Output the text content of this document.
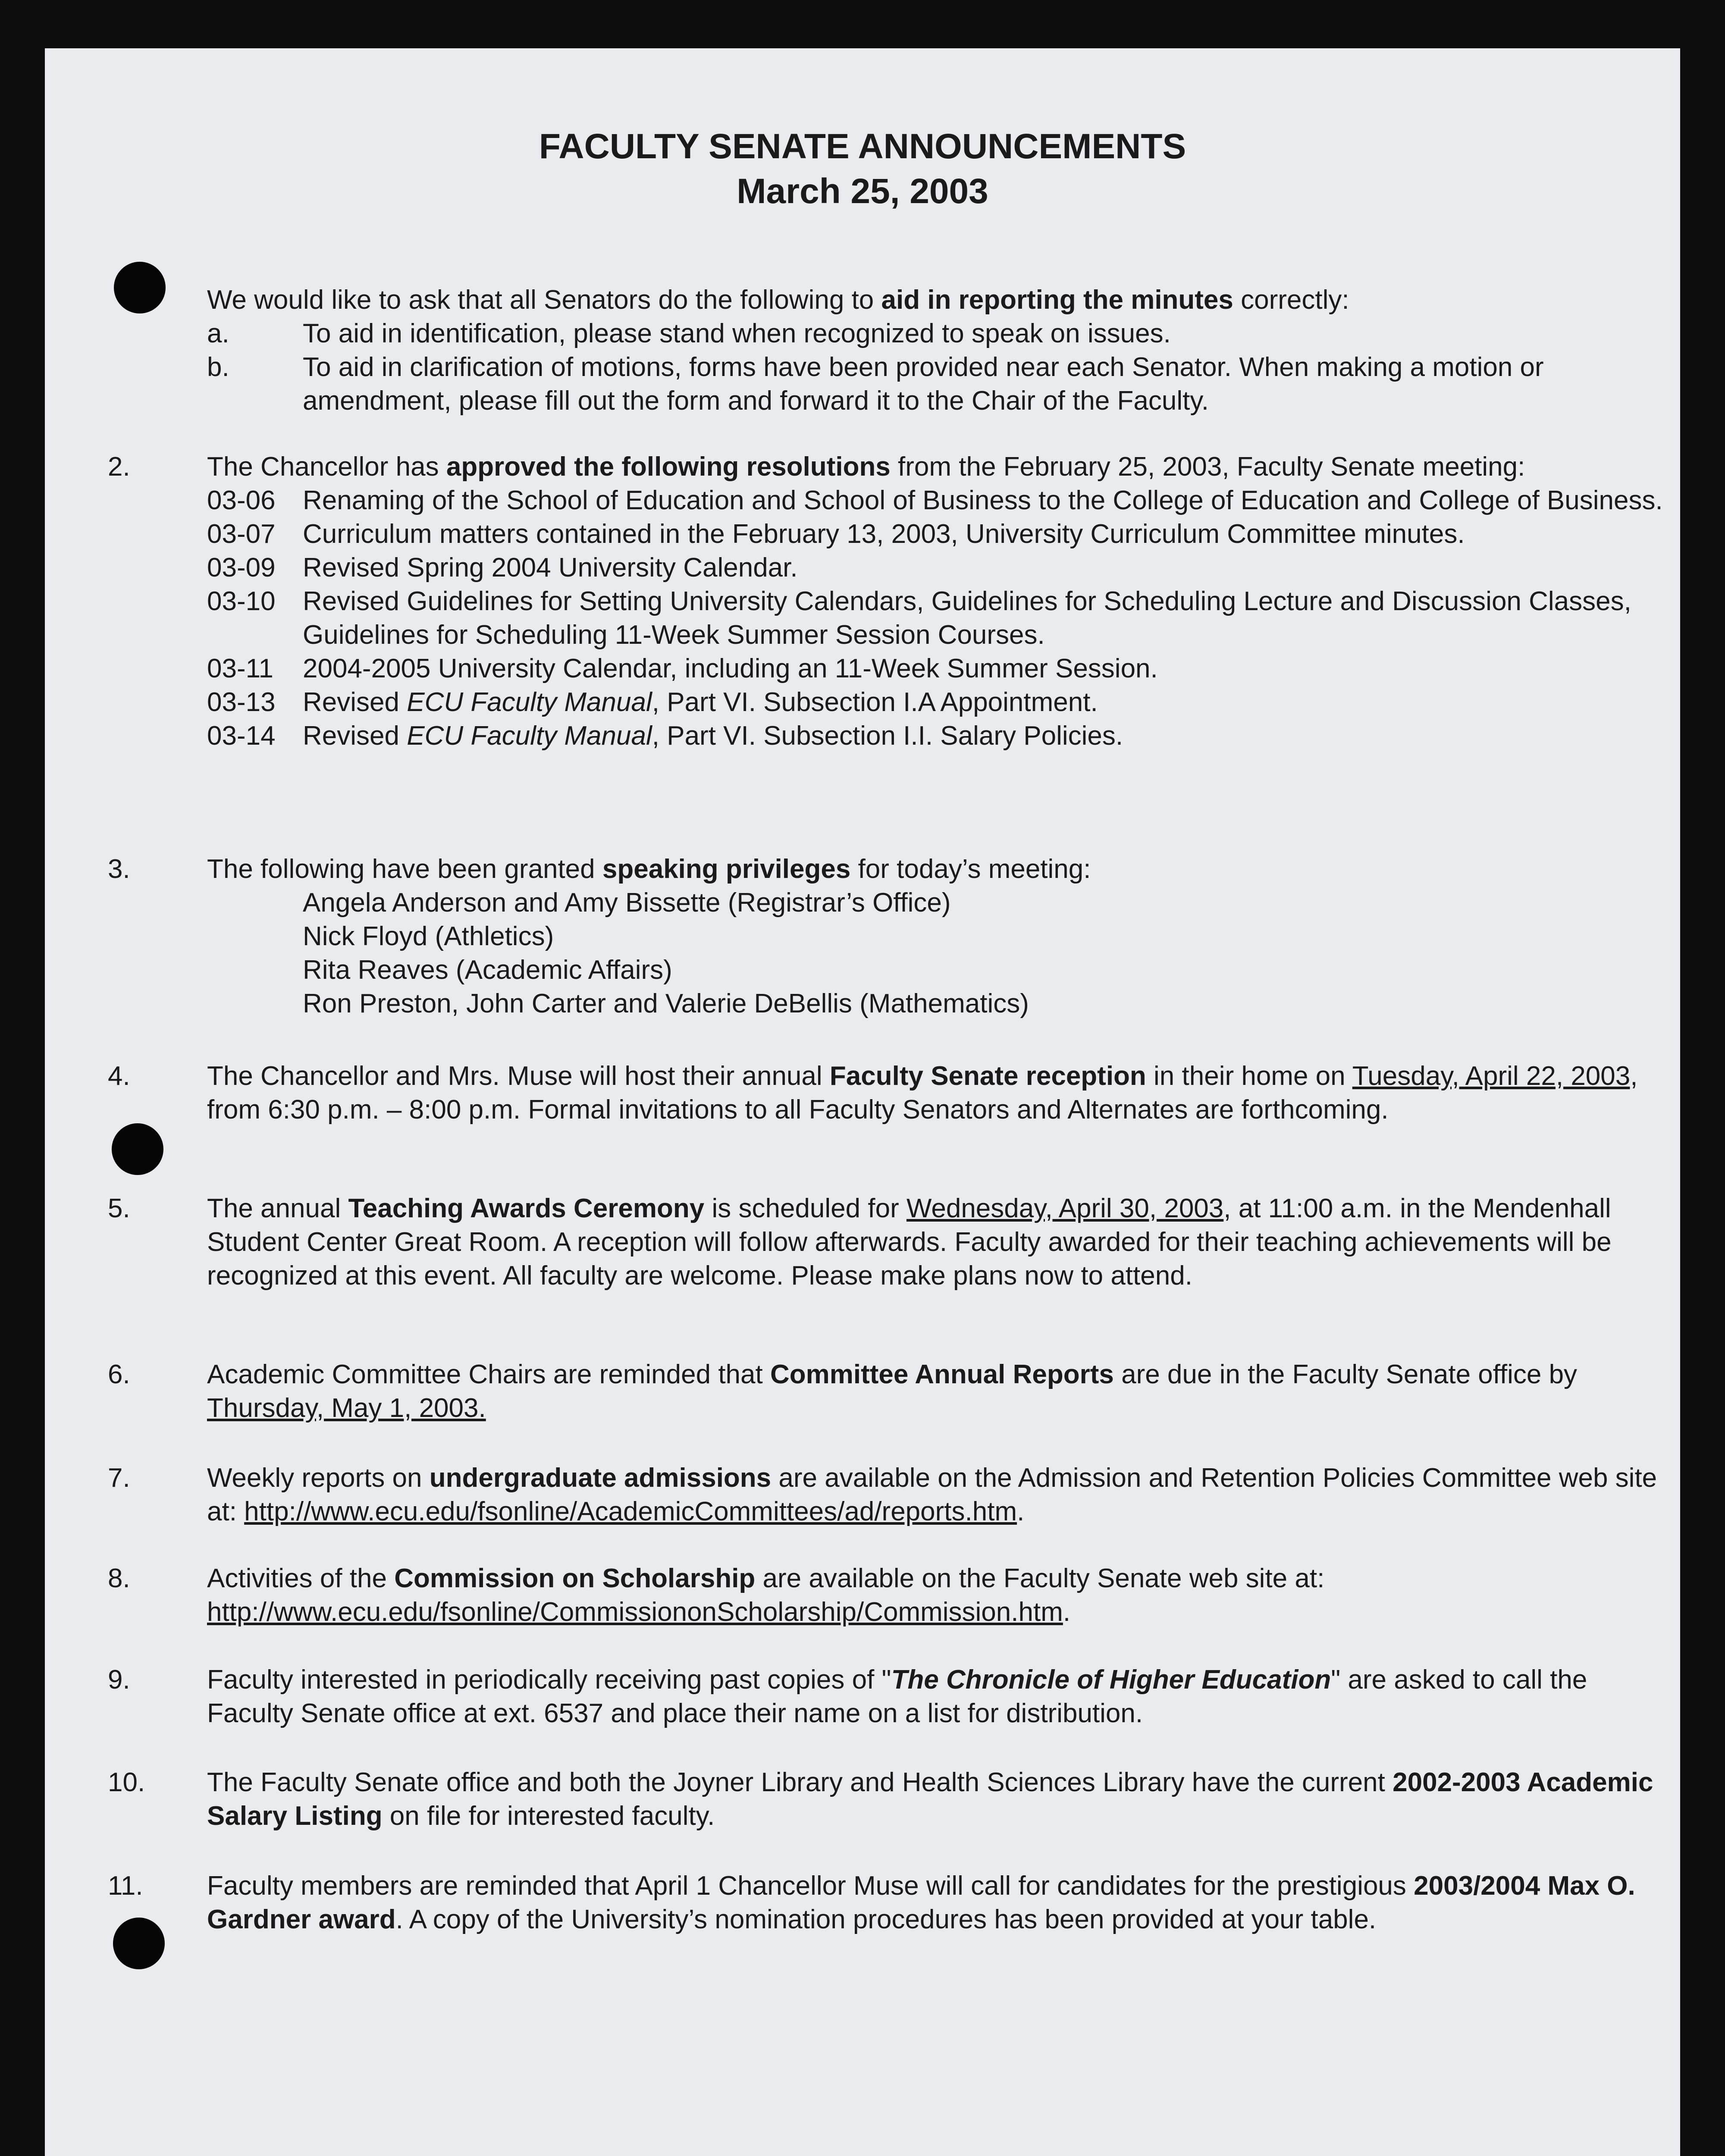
FACULTY SENATE ANNOUNCEMENTS
March 25, 2003
We would like to ask that all Senators do the following to aid in reporting the minutes correctly:
a.	To aid in identification, please stand when recognized to speak on issues.
b.	To aid in clarification of motions, forms have been provided near each Senator. When making a motion or amendment, please fill out the form and forward it to the Chair of the Faculty.
2.	The Chancellor has approved the following resolutions from the February 25, 2003, Faculty Senate meeting:
03-06 Renaming of the School of Education and School of Business to the College of Education and College of Business.
03-07 Curriculum matters contained in the February 13, 2003, University Curriculum Committee minutes.
03-09 Revised Spring 2004 University Calendar.
03-10 Revised Guidelines for Setting University Calendars, Guidelines for Scheduling Lecture and Discussion Classes, Guidelines for Scheduling 11-Week Summer Session Courses.
03-11 2004-2005 University Calendar, including an 11-Week Summer Session.
03-13 Revised ECU Faculty Manual, Part VI. Subsection I.A Appointment.
03-14 Revised ECU Faculty Manual, Part VI. Subsection I.I. Salary Policies.
3.	The following have been granted speaking privileges for today’s meeting:
Angela Anderson and Amy Bissette (Registrar’s Office)
Nick Floyd (Athletics)
Rita Reaves (Academic Affairs)
Ron Preston, John Carter and Valerie DeBellis (Mathematics)
4.	The Chancellor and Mrs. Muse will host their annual Faculty Senate reception in their home on Tuesday, April 22, 2003, from 6:30 p.m. – 8:00 p.m. Formal invitations to all Faculty Senators and Alternates are forthcoming.
5.	The annual Teaching Awards Ceremony is scheduled for Wednesday, April 30, 2003, at 11:00 a.m. in the Mendenhall Student Center Great Room. A reception will follow afterwards. Faculty awarded for their teaching achievements will be recognized at this event. All faculty are welcome. Please make plans now to attend.
6.	Academic Committee Chairs are reminded that Committee Annual Reports are due in the Faculty Senate office by Thursday, May 1, 2003.
7.	Weekly reports on undergraduate admissions are available on the Admission and Retention Policies Committee web site at: http://www.ecu.edu/fsonline/AcademicCommittees/ad/reports.htm.
8.	Activities of the Commission on Scholarship are available on the Faculty Senate web site at: http://www.ecu.edu/fsonline/CommissiononScholarship/Commission.htm.
9.	Faculty interested in periodically receiving past copies of "The Chronicle of Higher Education" are asked to call the Faculty Senate office at ext. 6537 and place their name on a list for distribution.
10. The Faculty Senate office and both the Joyner Library and Health Sciences Library have the current 2002-2003 Academic Salary Listing on file for interested faculty.
11. Faculty members are reminded that April 1 Chancellor Muse will call for candidates for the prestigious 2003/2004 Max O. Gardner award. A copy of the University’s nomination procedures has been provided at your table.
